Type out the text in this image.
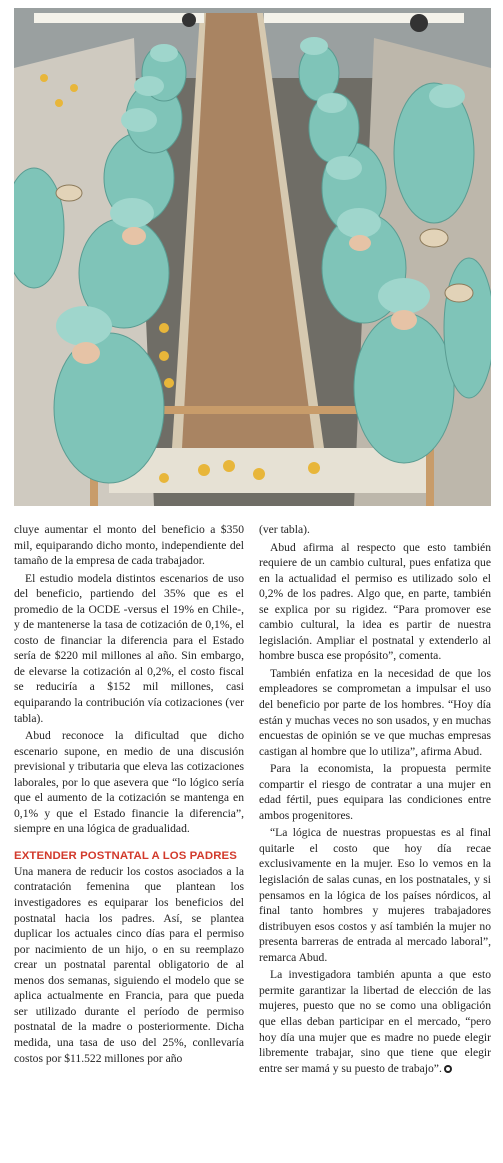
cluye aumentar el monto del beneficio a $350 mil, equiparando dicho monto, independiente del tamaño de la empresa de cada trabajador.

El estudio modela distintos escenarios de uso del beneficio, partiendo del 35% que es el promedio de la OCDE -versus el 19% en Chile-, y de mantenerse la tasa de cotización de 0,1%, el costo de financiar la diferencia para el Estado sería de $220 mil millones al año. Sin embargo, de elevarse la cotización al 0,2%, el costo fiscal se reduciría a $152 mil millones, casi equiparando la contribución vía cotizaciones (ver tabla).

Abud reconoce la dificultad que dicho escenario supone, en medio de una discusión previsional y tributaria que eleva las cotizaciones laborales, por lo que asevera que “lo lógico sería que el aumento de la cotización se mantenga en 0,1% y que el Estado financie la diferencia”, siempre en una lógica de gradualidad.

EXTENDER POSTNATAL A LOS PADRES

Una manera de reducir los costos asociados a la contratación femenina que plantean los investigadores es equiparar los beneficios del postnatal hacia los padres. Así, se plantea duplicar los actuales cinco días para el permiso por nacimiento de un hijo, o en su reemplazo crear un postnatal parental obligatorio de al menos dos semanas, siguiendo el modelo que se aplica actualmente en Francia, para que pueda ser utilizado durante el período de permiso postnatal de la madre o posteriormente. Dicha medida, una tasa de uso del 25%, conllevaría costos por $11.522 millones por año

(ver tabla).

Abud afirma al respecto que esto también requiere de un cambio cultural, pues enfatiza que en la actualidad el permiso es utilizado solo el 0,2% de los padres. Algo que, en parte, también se explica por su rigidez. “Para promover ese cambio cultural, la idea es partir de nuestra legislación. Ampliar el postnatal y extenderlo al hombre busca ese propósito”, comenta.

También enfatiza en la necesidad de que los empleadores se comprometan a impulsar el uso del beneficio por parte de los hombres. “Hoy día están y muchas veces no son usados, y en muchas encuestas de opinión se ve que muchas empresas castigan al hombre que lo utiliza”, afirma Abud.

Para la economista, la propuesta permite compartir el riesgo de contratar a una mujer en edad fértil, pues equipara las condiciones entre ambos progenitores.

“La lógica de nuestras propuestas es al final quitarle el costo que hoy día recae exclusivamente en la mujer. Eso lo vemos en la legislación de salas cunas, en los postnatales, y si pensamos en la lógica de los países nórdicos, al final tanto hombres y mujeres trabajadores distribuyen esos costos y así también la mujer no presenta barreras de entrada al mercado laboral”, remarca Abud.

La investigadora también apunta a que esto permite garantizar la libertad de elección de las mujeres, puesto que no se como una obligación que ellas deban participar en el mercado, “pero hoy día una mujer que es madre no puede elegir libremente trabajar, sino que tiene que elegir entre ser mamá y su puesto de trabajo”.
